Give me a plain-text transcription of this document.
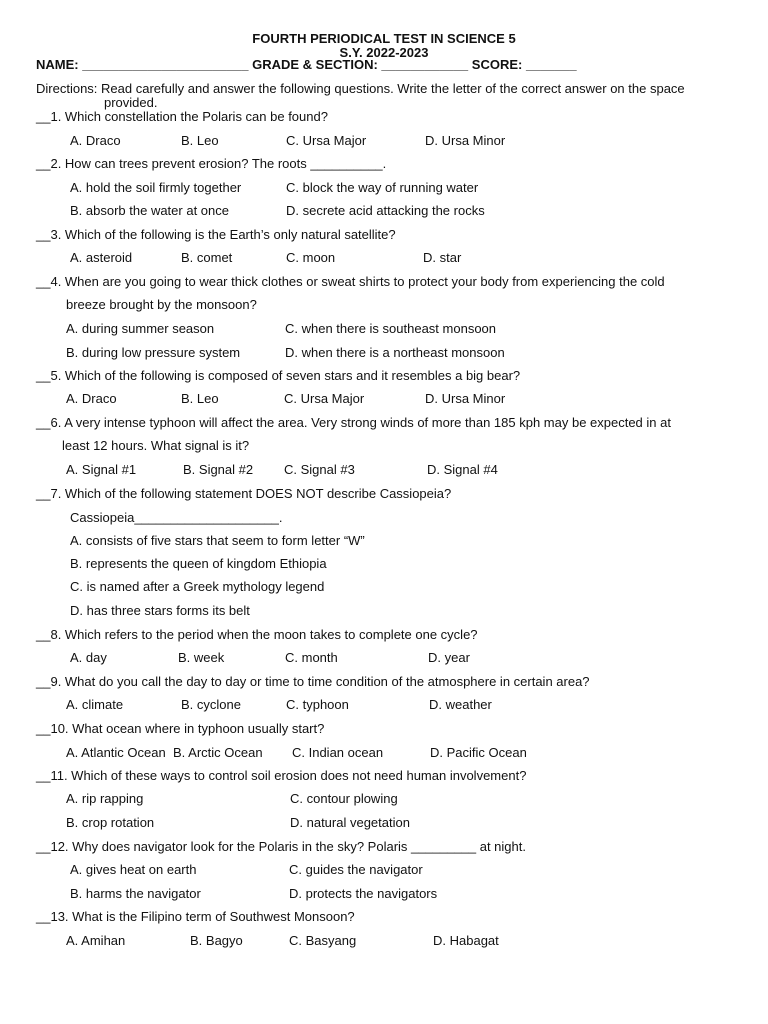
FOURTH PERIODICAL TEST IN SCIENCE 5
S.Y. 2022-2023
NAME: _______________________ GRADE & SECTION: ____________ SCORE: _______
Directions: Read carefully and answer the following questions. Write the letter of the correct answer on the space
provided.
__1. Which constellation the Polaris can be found?
A. Draco	B. Leo	C. Ursa Major	D. Ursa Minor
__2. How can trees prevent erosion? The roots __________.
A. hold the soil firmly together	C. block the way of running water
B. absorb the water at once	D. secrete acid attacking the rocks
__3. Which of the following is the Earth’s only natural satellite?
A. asteroid	B. comet	C. moon	D. star
__4. When are you going to wear thick clothes or sweat shirts to protect your body from experiencing the cold
breeze brought by the monsoon?
A. during summer season	C. when there is southeast monsoon
B. during low pressure system	D. when there is a northeast monsoon
__5. Which of the following is composed of seven stars and it resembles a big bear?
A. Draco	B. Leo	C. Ursa Major	D. Ursa Minor
__6. A very intense typhoon will affect the area. Very strong winds of more than 185 kph may be expected in at
least 12 hours. What signal is it?
A. Signal #1	B. Signal #2 C. Signal #3	D. Signal #4
__7. Which of the following statement DOES NOT describe Cassiopeia?
Cassiopeia____________________.
A. consists of five stars that seem to form letter “W”
B. represents the queen of kingdom Ethiopia
C. is named after a Greek mythology legend
D. has three stars forms its belt
__8. Which refers to the period when the moon takes to complete one cycle?
A. day	B. week	C. month	D. year
__9. What do you call the day to day or time to time condition of the atmosphere in certain area?
A. climate	B. cyclone	C. typhoon	D. weather
__10. What ocean where in typhoon usually start?
A. Atlantic Ocean B. Arctic Ocean C. Indian ocean	D. Pacific Ocean
__11. Which of these ways to control soil erosion does not need human involvement?
A. rip rapping	C. contour plowing
B. crop rotation	D. natural vegetation
__12. Why does navigator look for the Polaris in the sky? Polaris _________ at night.
A. gives heat on earth	C. guides the navigator
B. harms the navigator	D. protects the navigators
__13. What is the Filipino term of Southwest Monsoon?
A. Amihan	B. Bagyo	C. Basyang	D. Habagat
